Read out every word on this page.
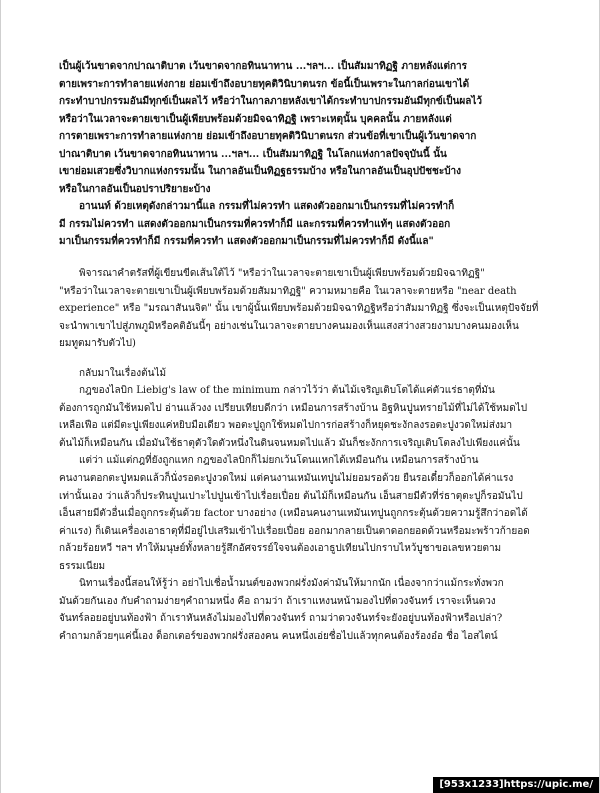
เป็นผู้เว้นขาดจากปาณาติบาต เว้นขาดจากอทินนาทาน ...ฯลฯ... เป็นสัมมาทิฏฐิ ภายหลังแต่การ
ตายเพราะการทำลายแห่งกาย ย่อมเข้าถึงอบายทุคติวินิบาตนรก ข้อนี้เป็นเพราะในกาลก่อนเขาได้
กระทำบาปกรรมอันมีทุกข์เป็นผลไว้ หรือว่าในกาลภายหลังเขาได้กระทำบาปกรรมอันมีทุกข์เป็นผลไว้
หรือว่าในเวลาจะตายเขาเป็นผู้เพียบพร้อมด้วยมิจฉาทิฏฐิ เพราะเหตุนั้น บุคคลนั้น ภายหลังแต่
การตายเพราะการทำลายแห่งกาย ย่อมเข้าถึงอบายทุคติวินิบาตนรก ส่วนข้อที่เขาเป็นผู้เว้นขาดจาก
ปาณาติบาต เว้นขาดจากอทินนาทาน ...ฯลฯ... เป็นสัมมาทิฏฐิ ในโลกแห่งกาลปัจจุบันนี้ นั้น
เขาย่อมเสวยซึ่งวิบากแห่งกรรมนั้น ในกาลอันเป็นทิฏฐธรรมบ้าง หรือในกาลอันเป็นอุปปัชชะบ้าง
หรือในกาลอันเป็นอปราปริยายะบ้าง
อานนท์ ด้วยเหตุดังกล่าวมานี้แล กรรมที่ไม่ควรทำ แสดงตัวออกมาเป็นกรรมที่ไม่ควรทำก็
มี กรรมไม่ควรทำ แสดงตัวออกมาเป็นกรรมที่ควรทำก็มี และกรรมที่ควรทำแท้ๆ แสดงตัวออก
มาเป็นกรรมที่ควรทำก็มี กรรมที่ควรทำ แสดงตัวออกมาเป็นกรรมที่ไม่ควรทำก็มี ดังนี้แล"
พิจารณาคำตรัสที่ผู้เขียนขีดเส้นใต้ไว้ "หรือว่าในเวลาจะตายเขาเป็นผู้เพียบพร้อมด้วยมิจฉาทิฏฐิ"
"หรือว่าในเวลาจะตายเขาเป็นผู้เพียบพร้อมด้วยสัมมาทิฏฐิ" ความหมายคือ ในเวลาจะตายหรือ "near death
experience" หรือ "มรณาสันนจิต" นั้น เขาผู้นั้นเพียบพร้อมด้วยมิจฉาทิฏฐิหรือว่าสัมมาทิฏฐิ ซึ่งจะเป็นเหตุปัจจัยที่
จะนำพาเขาไปสู่ภพภูมิหรือคติอันนี้ๆ อย่างเช่นในเวลาจะตายบางคนมองเห็นแสงสว่างสวยงามบางคนมองเห็น
ยมทูตมารับตัวไป)
กลับมาในเรื่องต้นไม้
กฎของไลบิก Liebig's law of the minimum กล่าวไว้ว่า ต้นไม้เจริญเติบโตได้แค่ตัวแร่ธาตุที่มัน
ต้องการถูกมันใช้หมดไป อ่านแล้วงง เปรียบเทียบดีกว่า เหมือนการสร้างบ้าน อิฐหินปูนทรายไม้ที่ไม่ได้ใช้หมดไป
เหลือเฟือ แต่มีตะปูเพียงแค่หยิบมือเดียว พอตะปูถูกใช้หมดไปการก่อสร้างก็หยุดชะงักลงรอตะปูงวดใหม่ส่งมา
ต้นไม้ก็เหมือนกัน เมื่อมันใช้ธาตุตัวใดตัวหนึ่งในดินจนหมดไปแล้ว มันก็ชะงักการเจริญเติบโตลงไปเพียงแค่นั้น
แต่ว่า แม้แต่กฎที่ยังถูกแหก กฎของไลบิกก็ไม่ยกเว้นโดนแหกได้เหมือนกัน เหมือนการสร้างบ้าน
คนงานตอกตะปูหมดแล้วก็นั่งรอตะปูงวดใหม่ แต่คนงานเหมันเทปูนไม่ยอมรอด้วย ยืนรอเดี๋ยวก็ออกได้ค่าแรง
เท่านั้นเอง ว่าแล้วก็ประทินปูนเปาะไปปูนเข้าไปเรื่อยเปื่อย ต้นไม้ก็เหมือนกัน เอ็นสายมีตัวที่ร่ธาตุตะปูก็รอมันไป
เอ็นสายมีตัวอื่นเมื่อถูกกระตุ้นด้วย factor บางอย่าง (เหมือนคนงานเหมันเทปูนถูกกระตุ้นด้วยความรู้สึกว่าอดได้
ค่าแรง) ก็เดินเครื่องเอาธาตุที่มีอยู่ไปเสริมเข้าไปเรื่อยเปื่อย ออกมากลายเป็นตาดอกยอดด้วนหรือมะพร้าวก้ายอด
กล้วยร้อยหวี ฯลฯ ทำให้มนุษย์ทั้งหลายรู้สึกอัศจรรย์ใจจนต้องเอาธูปเทียนไปกราบไหว้บูชาขอเลขหวยตาม
ธรรมเนียม
นิทานเรื่องนี้สอนให้รู้ว่า อย่าไปเชื่อน้ำมนต์ของพวกฝรั่งมังค่ามันให้มากนัก เนื่องจากว่าแม้กระทั่งพวก
มันด้วยกันเอง กับคำถามง่ายๆคำถามหนึ่ง คือ ถามว่า ถ้าเราแหงนหน้ามองไปที่ดวงจันทร์ เราจะเห็นดวง
จันทร์ลอยอยู่บนท้องฟ้า ถ้าเราหันหลังไม่มองไปที่ดวงจันทร์ ถามว่าดวงจันทร์จะยังอยู่บนท้องฟ้าหรือเปล่า?
คำถามกล้วยๆแค่นี้เอง ด็อกเตอร์ของพวกฝรั่งสองคน คนหนึ่งเอ่ยชื่อไปแล้วทุกคนต้องร้องอ๋อ ชื่อ ไอสไตน์
[953x1233]https://upic.me/
